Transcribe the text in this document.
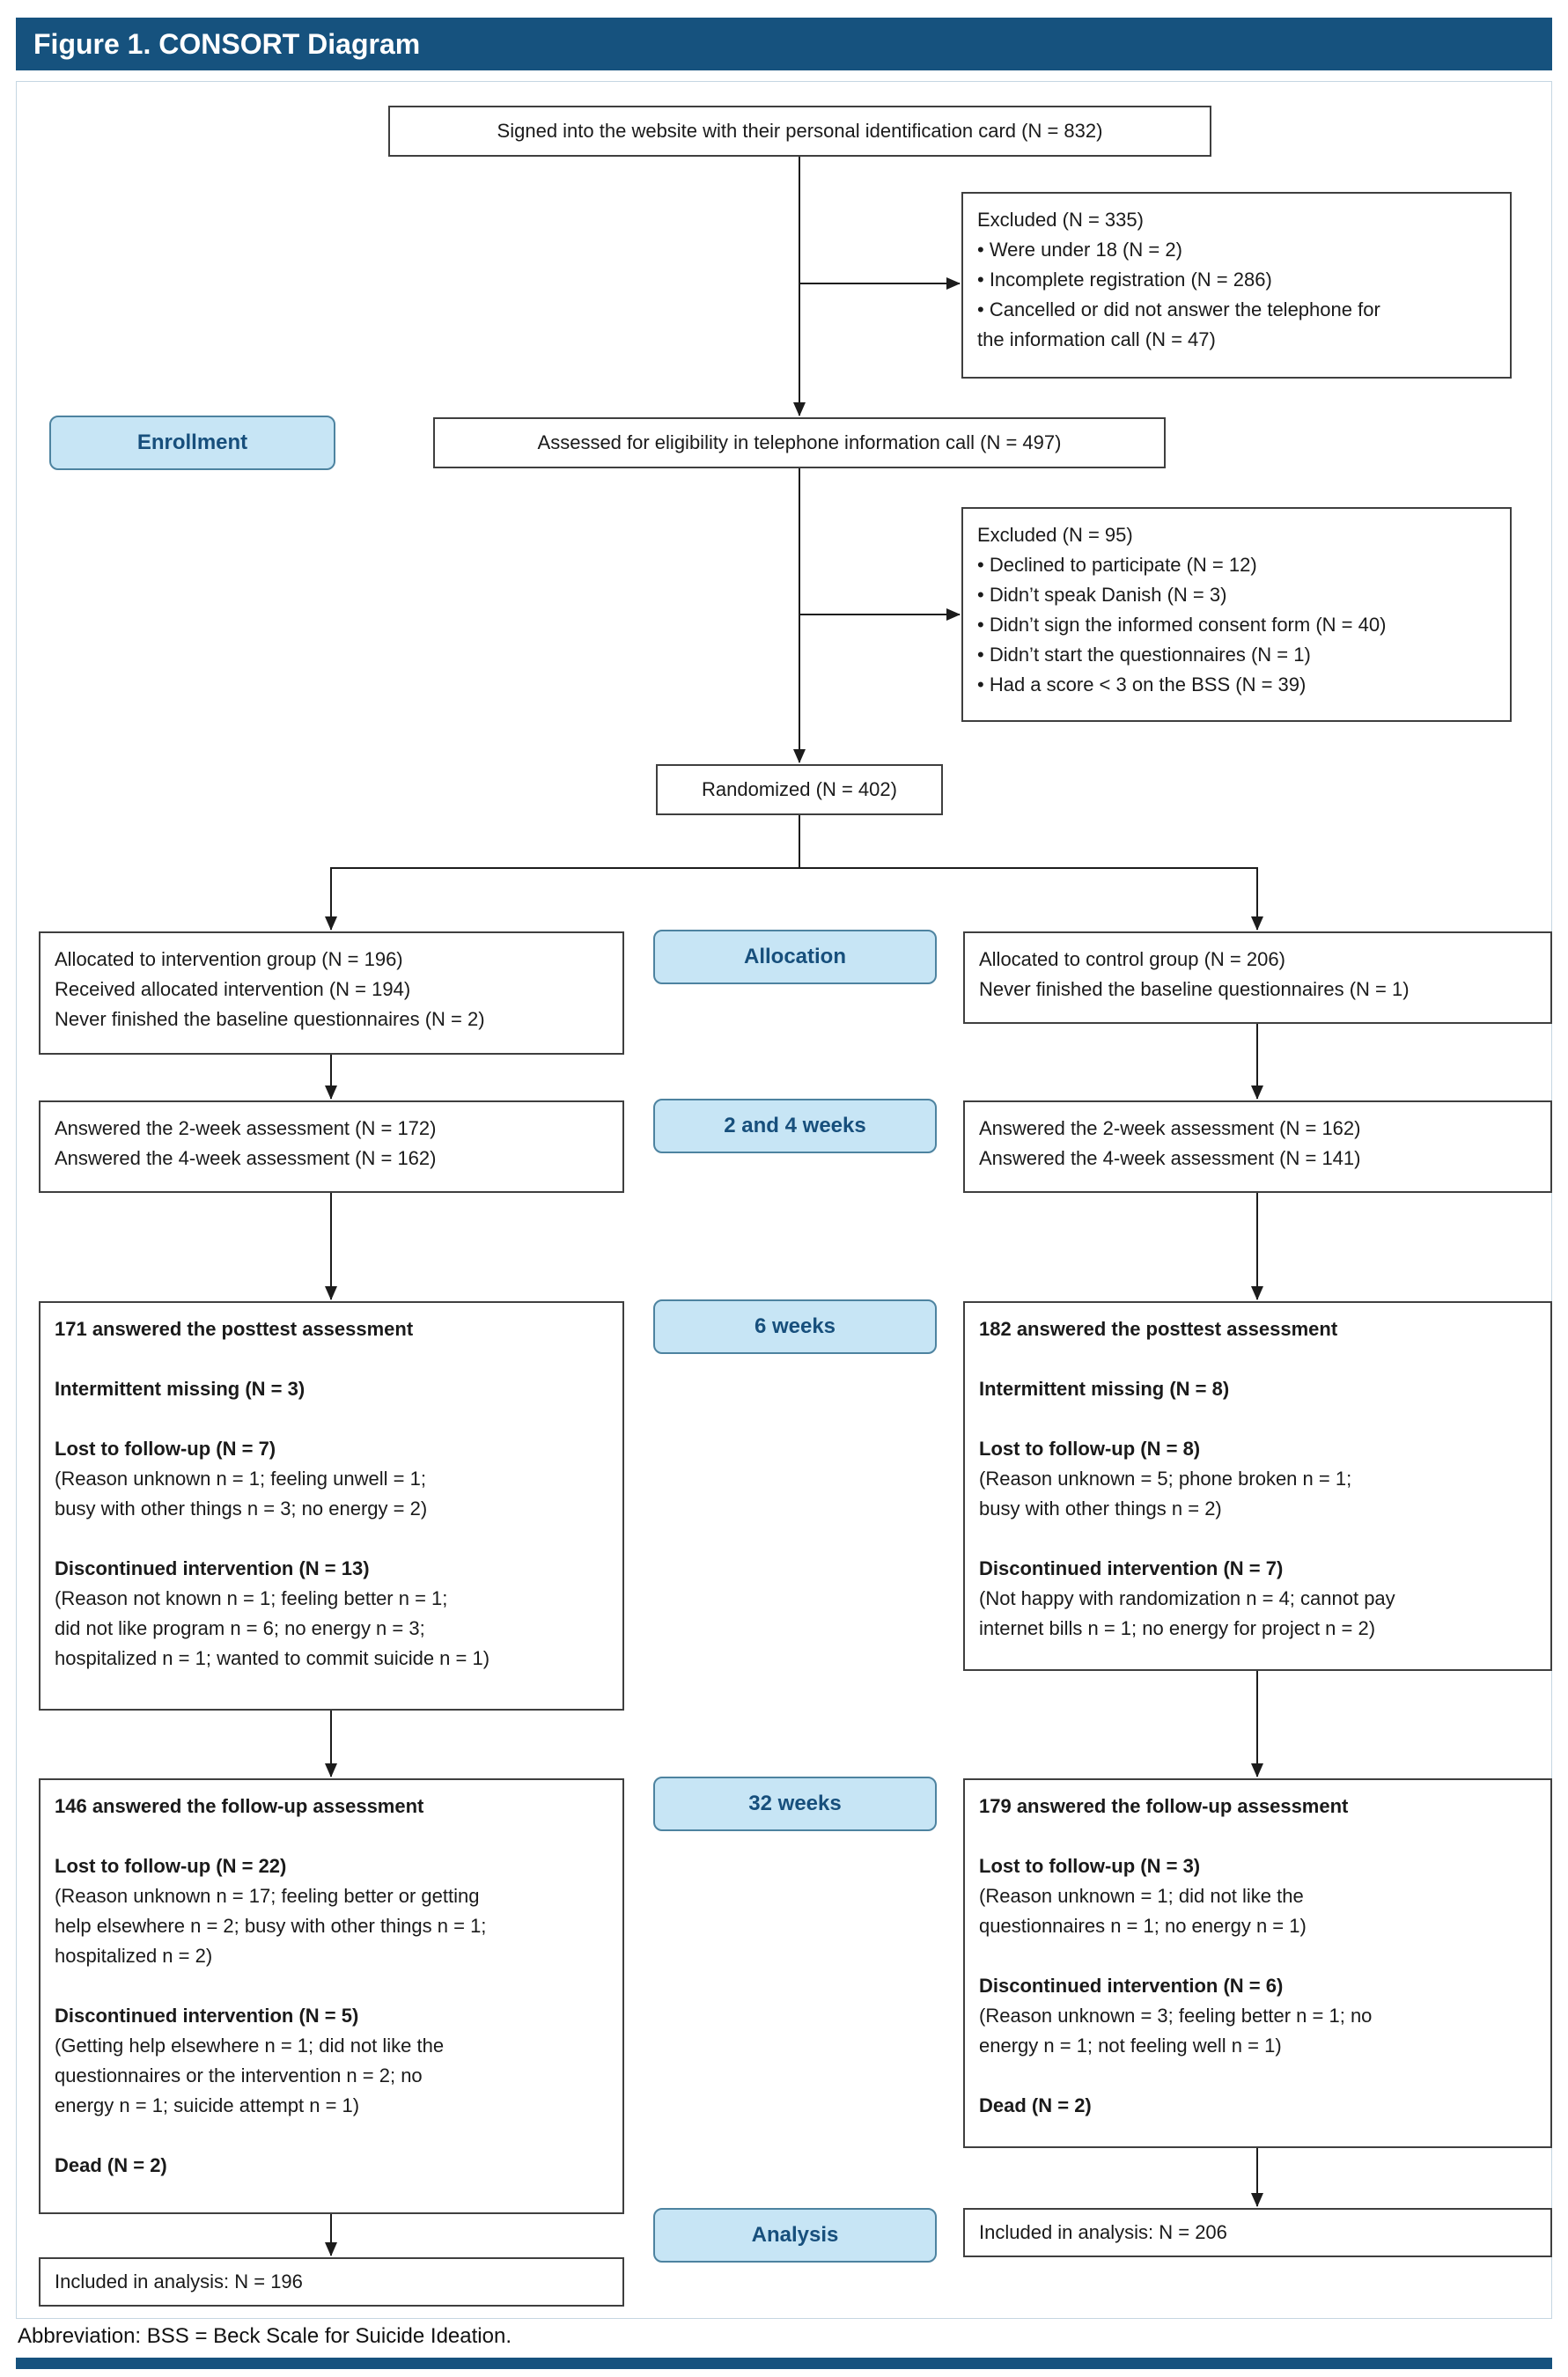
Figure 1. CONSORT Diagram
Signed into the website with their personal identification card (N = 832)
Excluded (N = 335)
• Were under 18 (N = 2)
• Incomplete registration (N = 286)
• Cancelled or did not answer the telephone for
the information call (N = 47)
Enrollment	Assessed for eligibility in telephone information call (N = 497)
Excluded (N = 95)
• Declined to participate (N = 12)
• Didn’t speak Danish (N = 3)
• Didn’t sign the informed consent form (N = 40)
• Didn’t start the questionnaires (N = 1)
• Had a score < 3 on the BSS (N = 39)
Randomized (N = 402)
Allocated to intervention group (N = 196)
Received allocated intervention (N = 194)
Never finished the baseline questionnaires (N = 2)
Allocation	Allocated to control group (N = 206)
Never finished the baseline questionnaires (N = 1)
Answered the 2-week assessment (N = 172)
Answered the 4-week assessment (N = 162)
2 and 4 weeks	Answered the 2-week assessment (N = 162)
Answered the 4-week assessment (N = 141)
171 answered the posttest assessment
Intermittent missing (N = 3)
Lost to follow-up (N = 7)
(Reason unknown n = 1; feeling unwell = 1;
busy with other things n = 3; no energy = 2)
Discontinued intervention (N = 13)
(Reason not known n = 1; feeling better n = 1;
did not like program n = 6; no energy n = 3;
hospitalized n = 1; wanted to commit suicide n = 1)
6 weeks	182 answered the posttest assessment
Intermittent missing (N = 8)
Lost to follow-up (N = 8)
(Reason unknown = 5; phone broken n = 1;
busy with other things n = 2)
Discontinued intervention (N = 7)
(Not happy with randomization n = 4; cannot pay
internet bills n = 1; no energy for project n = 2)
146 answered the follow-up assessment
Lost to follow-up (N = 22)
(Reason unknown n = 17; feeling better or getting
help elsewhere n = 2; busy with other things n = 1;
hospitalized n = 2)
Discontinued intervention (N = 5)
(Getting help elsewhere n = 1; did not like the
questionnaires or the intervention n = 2; no
energy n = 1; suicide attempt n = 1)
Dead (N = 2)
32 weeks	179 answered the follow-up assessment
Lost to follow-up (N = 3)
(Reason unknown = 1; did not like the
questionnaires n = 1; no energy n = 1)
Discontinued intervention (N = 6)
(Reason unknown = 3; feeling better n = 1; no
energy n = 1; not feeling well n = 1)
Dead (N = 2)
Analysis
Included in analysis: N = 196
Included in analysis: N = 206
Abbreviation: BSS = Beck Scale for Suicide Ideation.
